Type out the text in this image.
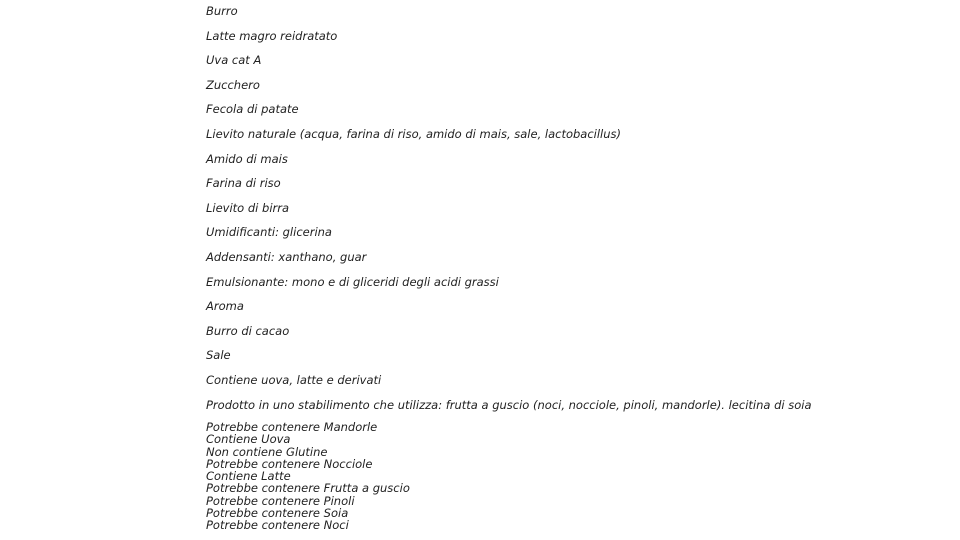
Burro
Latte magro reidratato
Uva cat A
Zucchero
Fecola di patate
Lievito naturale (acqua, farina di riso, amido di mais, sale, lactobacillus)
Amido di mais
Farina di riso
Lievito di birra
Umidificanti: glicerina
Addensanti: xanthano, guar
Emulsionante: mono e di gliceridi degli acidi grassi
Aroma
Burro di cacao
Sale
Contiene uova, latte e derivati
Prodotto in uno stabilimento che utilizza: frutta a guscio (noci, nocciole, pinoli, mandorle). lecitina di soia
Potrebbe contenere Mandorle
Contiene Uova
Non contiene Glutine
Potrebbe contenere Nocciole
Contiene Latte
Potrebbe contenere Frutta a guscio
Potrebbe contenere Pinoli
Potrebbe contenere Soia
Potrebbe contenere Noci
